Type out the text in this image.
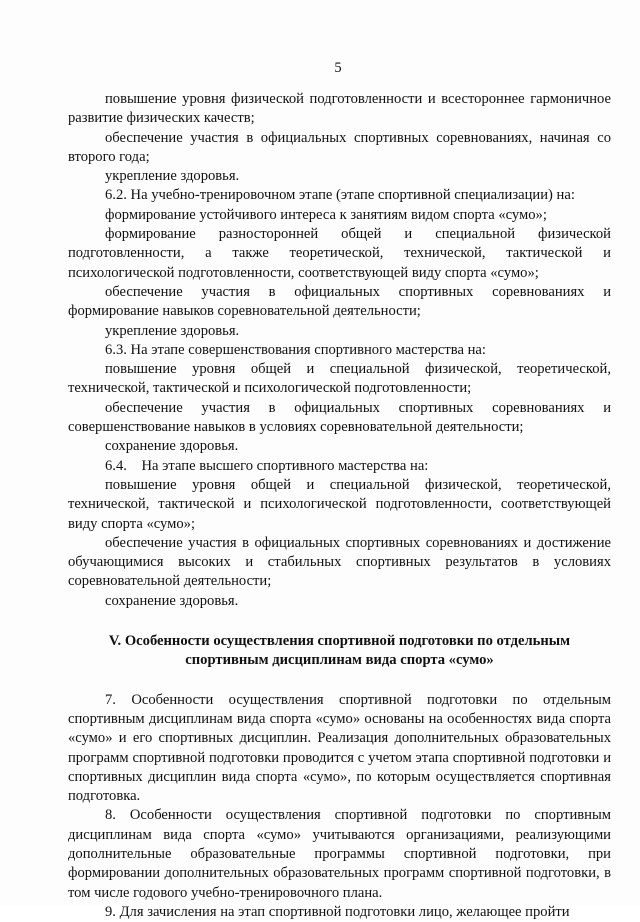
5

повышение уровня физической подготовленности и всестороннее гармоничное развитие физических качеств;

обеспечение участия в официальных спортивных соревнованиях, начиная со второго года;

укрепление здоровья.

6.2. На учебно-тренировочном этапе (этапе спортивной специализации) на:

формирование устойчивого интереса к занятиям видом спорта «сумо»;

формирование разносторонней общей и специальной физической подготовленности, а также теоретической, технической, тактической и психологической подготовленности, соответствующей виду спорта «сумо»;

обеспечение участия в официальных спортивных соревнованиях и формирование навыков соревновательной деятельности;

укрепление здоровья.

6.3. На этапе совершенствования спортивного мастерства на:

повышение уровня общей и специальной физической, теоретической, технической, тактической и психологической подготовленности;

обеспечение участия в официальных спортивных соревнованиях и совершенствование навыков в условиях соревновательной деятельности;

сохранение здоровья.

6.4.    На этапе высшего спортивного мастерства на:

повышение уровня общей и специальной физической, теоретической, технической, тактической и психологической подготовленности, соответствующей виду спорта «сумо»;

обеспечение участия в официальных спортивных соревнованиях и достижение обучающимися высоких и стабильных спортивных результатов в условиях соревновательной деятельности;

сохранение здоровья.

V. Особенности осуществления спортивной подготовки по отдельным
спортивным дисциплинам вида спорта «сумо»

7. Особенности осуществления спортивной подготовки по отдельным спортивным дисциплинам вида спорта «сумо» основаны на особенностях вида спорта «сумо» и его спортивных дисциплин. Реализация дополнительных образовательных программ спортивной подготовки проводится с учетом этапа спортивной подготовки и спортивных дисциплин вида спорта «сумо», по которым осуществляется спортивная подготовка.

8. Особенности осуществления спортивной подготовки по спортивным дисциплинам вида спорта «сумо» учитываются организациями, реализующими дополнительные образовательные программы спортивной подготовки, при формировании дополнительных образовательных программ спортивной подготовки, в том числе годового учебно-тренировочного плана.

9. Для зачисления на этап спортивной подготовки лицо, желающее пройти
